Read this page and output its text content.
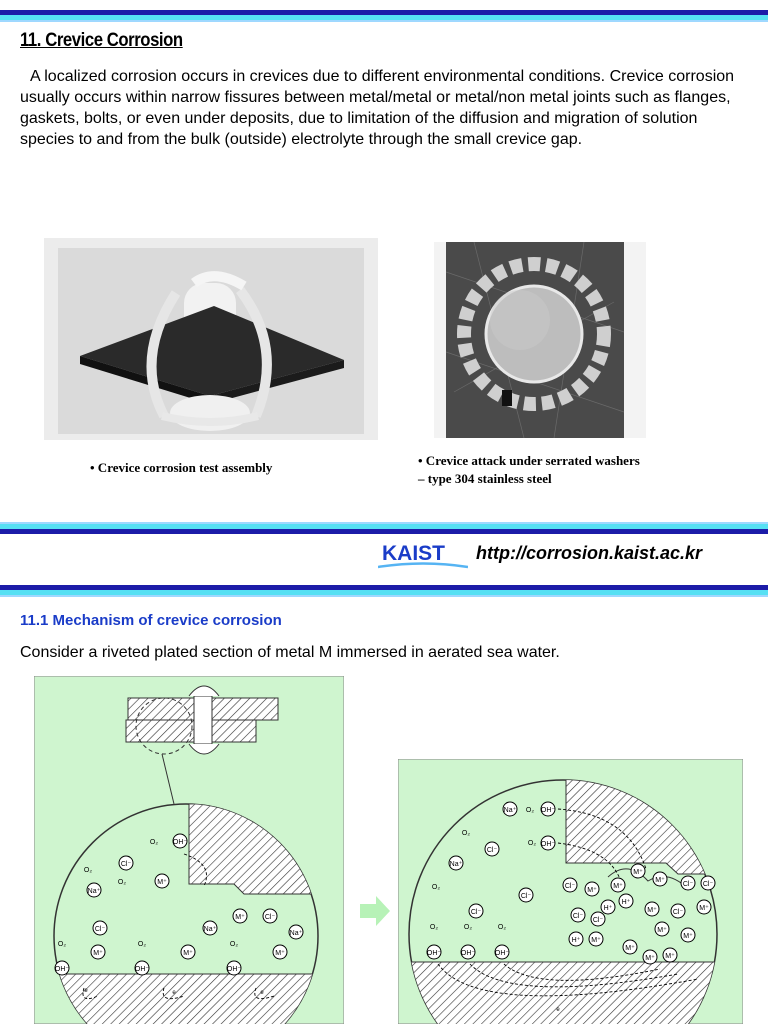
11. Crevice Corrosion
A localized corrosion occurs in crevices due to different environmental conditions. Crevice corrosion usually occurs within narrow fissures between metal/metal or metal/non metal joints such as flanges, gaskets, bolts, or even under deposits, due to limitation of the diffusion and migration of solution species to and from the bulk (outside) electrolyte through the small crevice gap.
• Crevice corrosion test assembly	• Crevice attack under serrated washers
– type 304 stainless steel
KAIST http://corrosion.kaist.ac.kr
11.1 Mechanism of crevice corrosion
Consider a riveted plated section of metal M immersed in aerated sea water.
O₂ OH⁻
Cl⁻
M⁺
O₂
O₂
Na⁺
Cl⁻	Na⁺
M⁺	Cl⁻
Na⁺
O₂
OH⁻
M⁺
O₂
OH⁻
M⁺
O₂
OH⁻
M⁺
e	e	e
Na⁺ O₂ OH⁻
O₂
Cl⁻
O₂ OH⁻
Na⁺
O₂
Cl⁻
Cl⁻
Cl⁻
M⁺
M⁺
M⁺
M⁺
Cl⁻ Cl⁻
H⁺
M⁺ Cl⁻
M⁺
Cl⁻
Cl⁻
H⁺
M⁺
M⁺
H⁺ M⁺
M⁺
M⁺ M⁺
O₂
OH⁻
O₂
OH⁻
O₂
OH⁻
e
